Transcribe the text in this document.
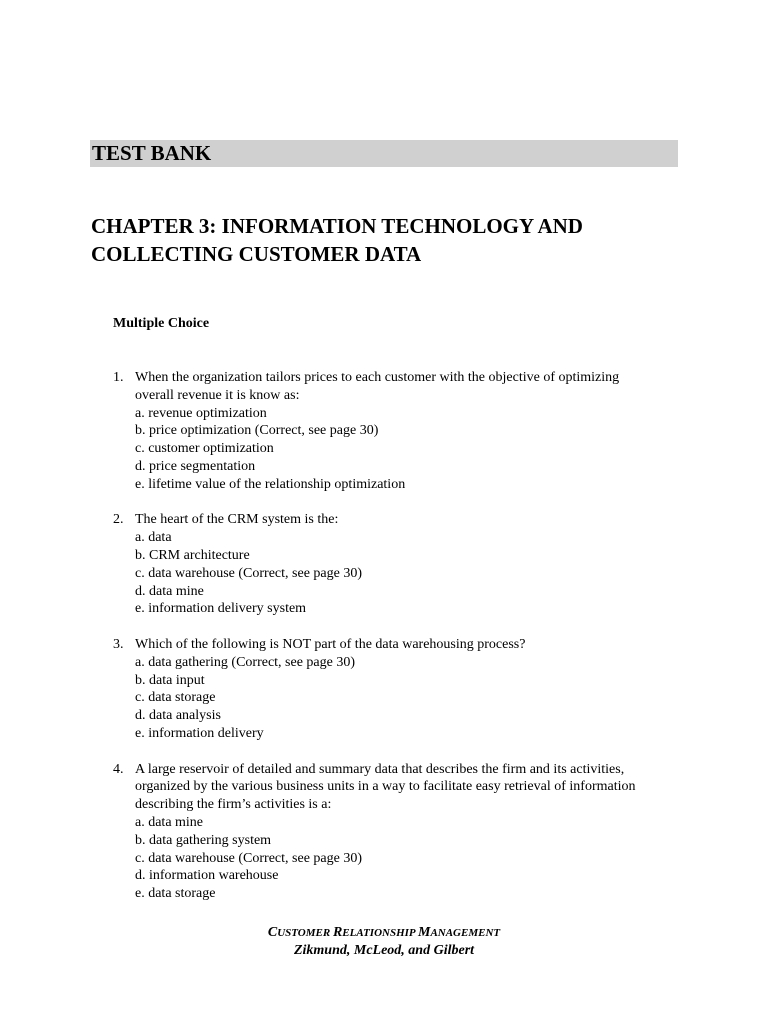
TEST BANK
CHAPTER 3: INFORMATION TECHNOLOGY AND
COLLECTING CUSTOMER DATA
Multiple Choice
1. When the organization tailors prices to each customer with the objective of optimizing
overall revenue it is know as:
a. revenue optimization
b. price optimization (Correct, see page 30)
c. customer optimization
d. price segmentation
e. lifetime value of the relationship optimization
2. The heart of the CRM system is the:
a. data
b. CRM architecture
c. data warehouse (Correct, see page 30)
d. data mine
e. information delivery system
3. Which of the following is NOT part of the data warehousing process?
a. data gathering (Correct, see page 30)
b. data input
c. data storage
d. data analysis
e. information delivery
4. A large reservoir of detailed and summary data that describes the firm and its activities,
organized by the various business units in a way to facilitate easy retrieval of information
describing the firm’s activities is a:
a. data mine
b. data gathering system
c. data warehouse (Correct, see page 30)
d. information warehouse
e. data storage
CUSTOMER RELATIONSHIP MANAGEMENT
Zikmund, McLeod, and Gilbert
